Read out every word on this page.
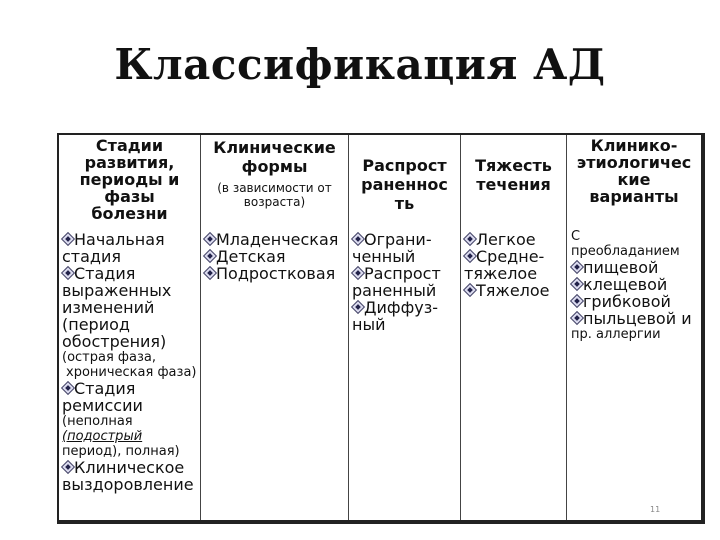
Классификация АД
Стадии
развития,
периоды и
фазы
болезни
Начальная
стадия
Стадия
выраженных
изменений
(период
обострения)
(острая фаза,
хроническая фаза)
Стадия
ремиссии
(неполная
(подострый
период), полная)
Клиническое
выздоровление
Клинические
формы
(в зависимости от
возраста)
Младенческая
Детская
Подростковая
Распрост
раненнос
ть
Ограни-
ченный
Распрост
раненный
Диффуз-
ный
Тяжесть
течения
Легкое
Средне-
тяжелое
Тяжелое
Клинико-
этиологичес
кие
варианты
С
преобладанием
пищевой
клещевой
грибковой
пыльцевой и
пр. аллергии
11
